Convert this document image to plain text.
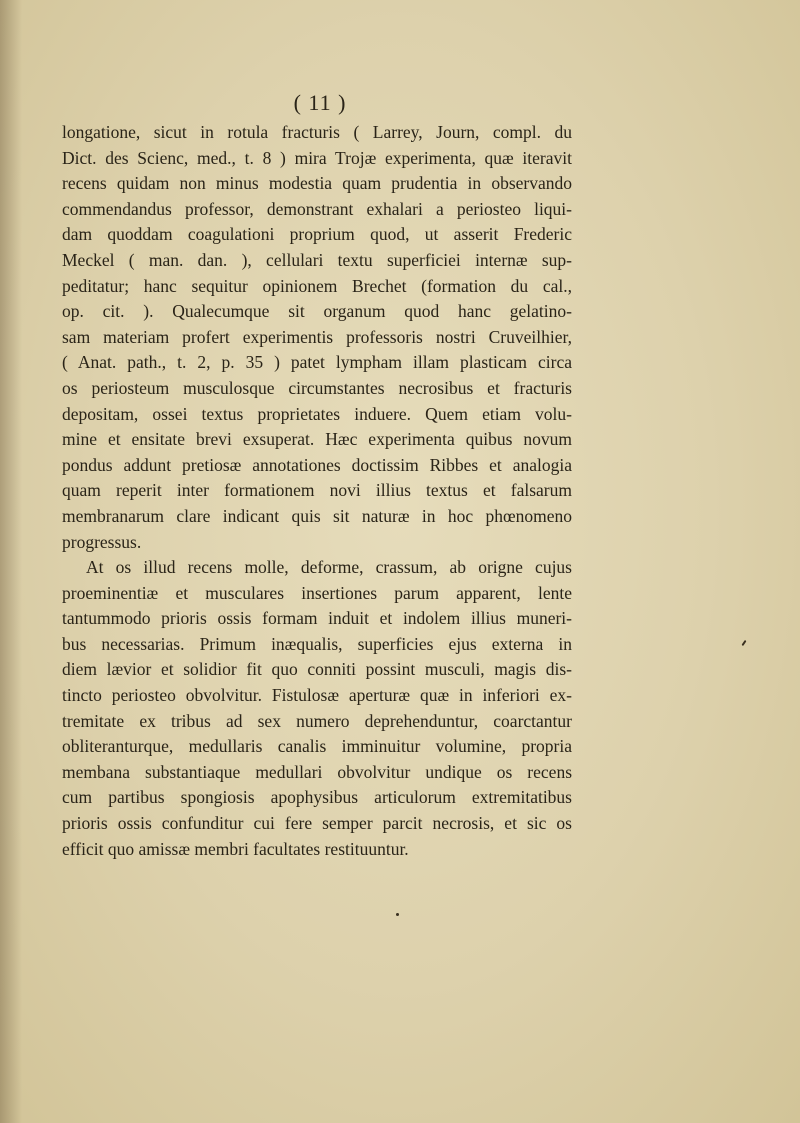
( 11 )
longatione, sicut in rotula fracturis ( Larrey, Journ, compl. du
Dict. des Scienc, med., t. 8 ) mira Trojæ experimenta, quæ iteravit
recens quidam non minus modestia quam prudentia in observando
commendandus professor, demonstrant exhalari a periosteo liqui-
dam quoddam coagulationi proprium quod, ut asserit Frederic
Meckel ( man. dan. ), cellulari textu superficiei internæ sup-
peditatur; hanc sequitur opinionem Brechet (formation du cal.,
op. cit. ). Qualecumque sit organum quod hanc gelatino-
sam materiam profert experimentis professoris nostri Cruveilhier,
( Anat. path., t. 2, p. 35 ) patet lympham illam plasticam circa
os periosteum musculosque circumstantes necrosibus et fracturis
depositam, ossei textus proprietates induere. Quem etiam volu-
mine et ensitate brevi exsuperat. Hæc experimenta quibus novum
pondus addunt pretiosæ annotationes doctissim Ribbes et analogia
quam reperit inter formationem novi illius textus et falsarum
membranarum clare indicant quis sit naturæ in hoc phœnomeno
progressus.
At os illud recens molle, deforme, crassum, ab origne cujus
proeminentiæ et musculares insertiones parum apparent, lente
tantummodo prioris ossis formam induit et indolem illius muneri-
bus necessarias. Primum inæqualis, superficies ejus externa in
diem lævior et solidior fit quo conniti possint musculi, magis dis-
tincto periosteo obvolvitur. Fistulosæ aperturæ quæ in inferiori ex-
tremitate ex tribus ad sex numero deprehenduntur, coarctantur
obliteranturque, medullaris canalis imminuitur volumine, propria
membana substantiaque medullari obvolvitur undique os recens
cum partibus spongiosis apophysibus articulorum extremitatibus
prioris ossis confunditur cui fere semper parcit necrosis, et sic os
efficit quo amissæ membri facultates restituuntur.
